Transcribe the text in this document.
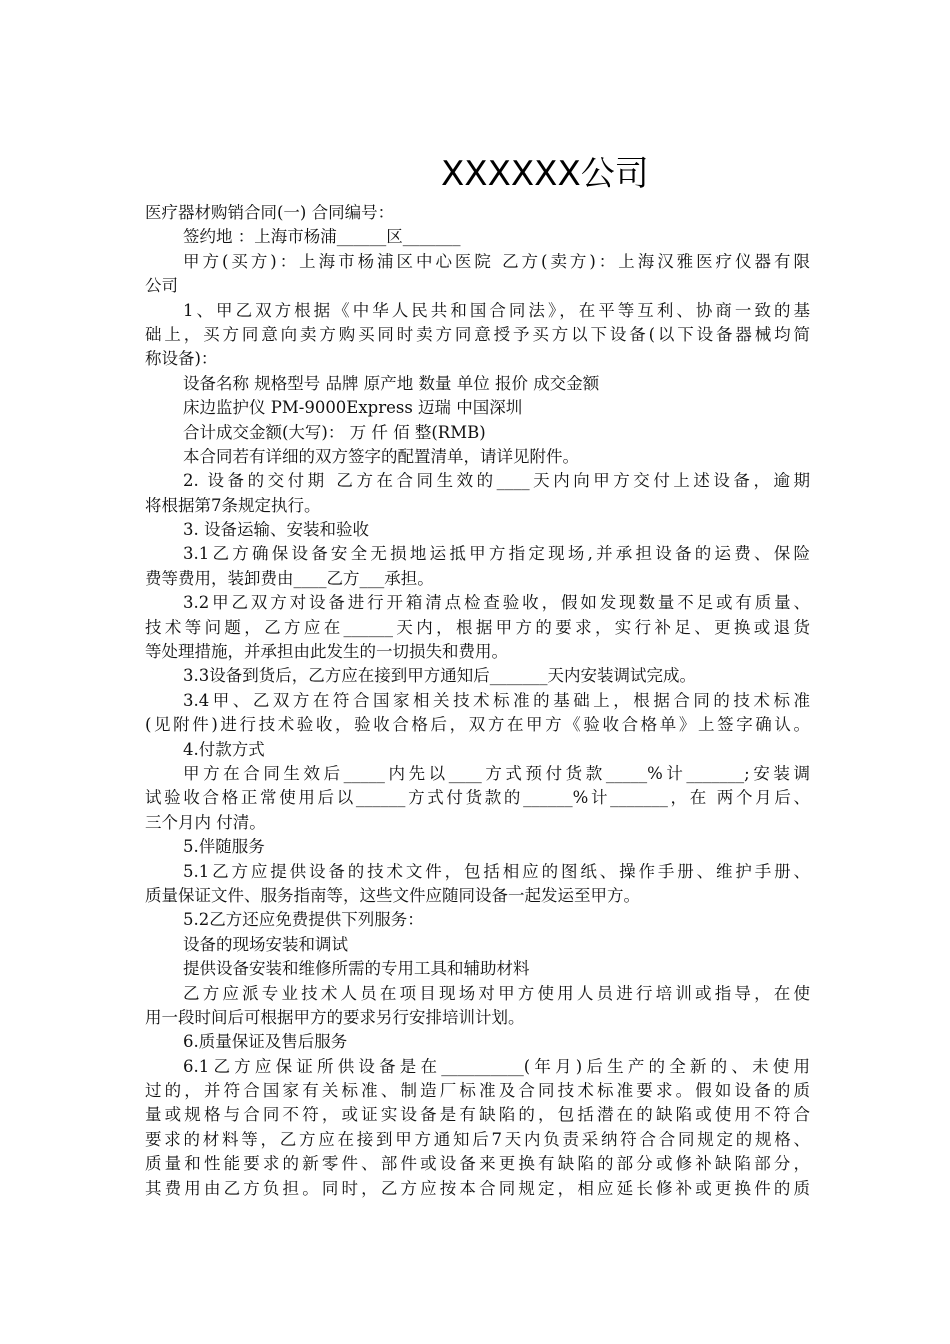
XXXXXX公司
医疗器材购销合同(一) 合同编号：
签约地 ：上海市杨浦______区_______
甲方(买方)：上海市杨浦区中心医院 乙方(卖方)：上海汉雅医疗仪器有限
公司
1、甲乙双方根据《中华人民共和国合同法》，在平等互利、协商一致的基
础上，买方同意向卖方购买同时卖方同意授予买方以下设备(以下设备器械均简
称设备)：
设备名称 规格型号 品牌 原产地 数量 单位 报价 成交金额
床边监护仪 PM-9000Express 迈瑞 中国深圳
合计成交金额(大写)： 万 仟 佰 整(RMB)
本合同若有详细的双方签字的配置清单，请详见附件。
2. 设备的交付期 乙方在合同生效的____天内向甲方交付上述设备，逾期
将根据第7条规定执行。
3. 设备运输、安装和验收
3.1乙方确保设备安全无损地运抵甲方指定现场,并承担设备的运费、保险
费等费用，装卸费由____乙方___承担。
3.2甲乙双方对设备进行开箱清点检查验收，假如发现数量不足或有质量、
技术等问题，乙方应在______天内，根据甲方的要求，实行补足、更换或退货
等处理措施，并承担由此发生的一切损失和费用。
3.3设备到货后，乙方应在接到甲方通知后_______天内安装调试完成。
3.4甲、乙双方在符合国家相关技术标准的基础上，根据合同的技术标准
(见附件)进行技术验收，验收合格后，双方在甲方《验收合格单》上签字确认。
4.付款方式
甲方在合同生效后_____内先以____方式预付货款_____%计_______;安装调
试验收合格正常使用后以______方式付货款的______%计_______，在 两个月后、
三个月内 付清。
5.伴随服务
5.1乙方应提供设备的技术文件，包括相应的图纸、操作手册、维护手册、
质量保证文件、服务指南等，这些文件应随同设备一起发运至甲方。
5.2乙方还应免费提供下列服务：
设备的现场安装和调试
提供设备安装和维修所需的专用工具和辅助材料
乙方应派专业技术人员在项目现场对甲方使用人员进行培训或指导，在使
用一段时间后可根据甲方的要求另行安排培训计划。
6.质量保证及售后服务
6.1乙方应保证所供设备是在__________(年月)后生产的全新的、未使用
过的，并符合国家有关标准、制造厂标准及合同技术标准要求。假如设备的质
量或规格与合同不符，或证实设备是有缺陷的，包括潜在的缺陷或使用不符合
要求的材料等，乙方应在接到甲方通知后7天内负责采纳符合合同规定的规格、
质量和性能要求的新零件、部件或设备来更换有缺陷的部分或修补缺陷部分，
其费用由乙方负担。同时，乙方应按本合同规定，相应延长修补或更换件的质
